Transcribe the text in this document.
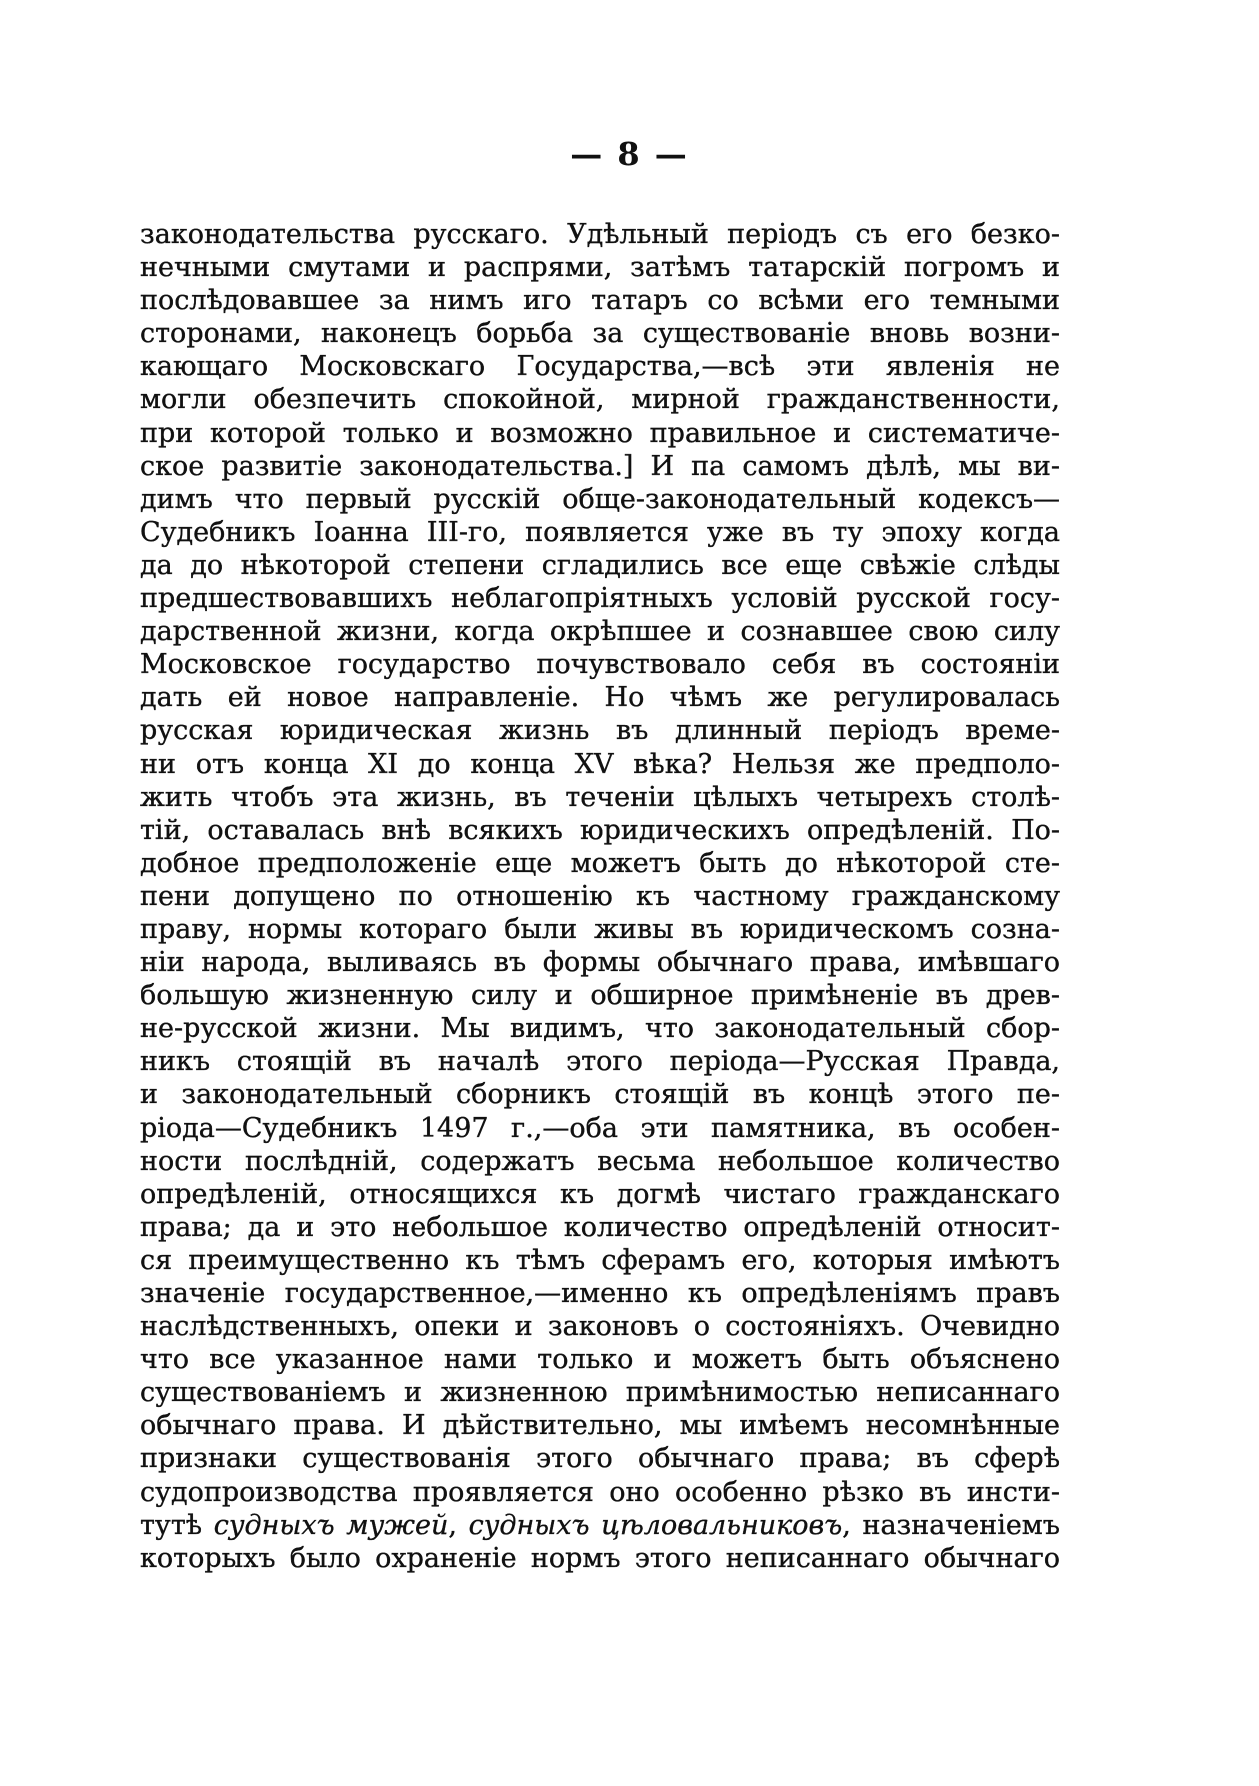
— 8 —
законодательства русскаго. Удѣльный періодъ съ его безко-
нечными смутами и распрями, затѣмъ татарскій погромъ и
послѣдовавшее за нимъ иго татаръ со всѣми его темными
сторонами, наконецъ борьба за существованіе вновь возни-
кающаго Московскаго Государства,—всѣ эти явленія не
могли обезпечить спокойной, мирной гражданственности,
при которой только и возможно правильное и систематиче-
ское развитіе законодательства.] И па самомъ дѣлѣ, мы ви-
димъ что первый русскій обще-законодательный кодексъ—
Судебникъ Іоанна III-го, появляется уже въ ту эпоху когда
да до нѣкоторой степени сгладились все еще свѣжіе слѣды
предшествовавшихъ неблагопріятныхъ условій русской госу-
дарственной жизни, когда окрѣпшее и сознавшее свою силу
Московское государство почувствовало себя въ состояніи
дать ей новое направленіе. Но чѣмъ же регулировалась
русская юридическая жизнь въ длинный періодъ време-
ни отъ конца XI до конца XV вѣка? Нельзя же предполо-
жить чтобъ эта жизнь, въ теченіи цѣлыхъ четырехъ столѣ-
тій, оставалась внѣ всякихъ юридическихъ опредѣленій. По-
добное предположеніе еще можетъ быть до нѣкоторой сте-
пени допущено по отношенію къ частному гражданскому
праву, нормы котораго были живы въ юридическомъ созна-
ніи народа, выливаясь въ формы обычнаго права, имѣвшаго
большую жизненную силу и обширное примѣненіе въ древ-
не-русской жизни. Мы видимъ, что законодательный сбор-
никъ стоящій въ началѣ этого періода—Русская Правда,
и законодательный сборникъ стоящій въ концѣ этого пе-
ріода—Судебникъ 1497 г.,—оба эти памятника, въ особен-
ности послѣдній, содержатъ весьма небольшое количество
опредѣленій, относящихся къ догмѣ чистаго гражданскаго
права; да и это небольшое количество опредѣленій относит-
ся преимущественно къ тѣмъ сферамъ его, которыя имѣютъ
значеніе государственное,—именно къ опредѣленіямъ правъ
наслѣдственныхъ, опеки и законовъ о состояніяхъ. Очевидно
что все указанное нами только и можетъ быть объяснено
существованіемъ и жизненною примѣнимостью неписаннаго
обычнаго права. И дѣйствительно, мы имѣемъ несомнѣнные
признаки существованія этого обычнаго права; въ сферѣ
судопроизводства проявляется оно особенно рѣзко въ инсти-
тутѣ судныхъ мужей, судныхъ цѣловальниковъ, назначеніемъ
которыхъ было охраненіе нормъ этого неписаннаго обычнаго
